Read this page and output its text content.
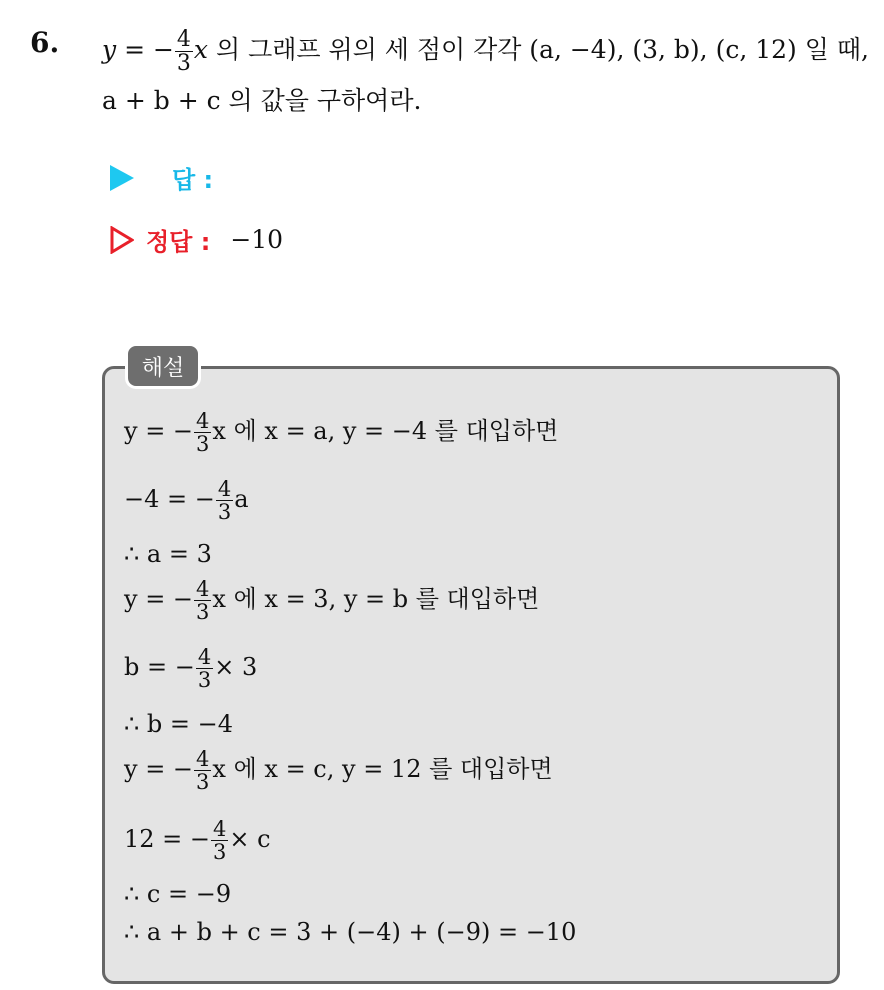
6. y = − $\frac{4}{3}$ x 의 그래프 위의 세 점이 각각 (a, −4), (3, b), (c, 12) 일 때,
a + b + c 의 값을 구하여라.
답 :
정답 : −10
해설
y = − $\frac{4}{3}$ x 에 x = a, y = −4 를 대입하면
−4 = − $\frac{4}{3}$ a
∴ a = 3
y = − $\frac{4}{3}$ x 에 x = 3, y = b 를 대입하면
b = − $\frac{4}{3} \times 3$
∴ b = −4
y = − $\frac{4}{3}$ x 에 x = c, y = 12 를 대입하면
12 = − $\frac{4}{3} \times c$
∴ c = −9
∴ a + b + c = 3 + (−4) + (−9) = −10
